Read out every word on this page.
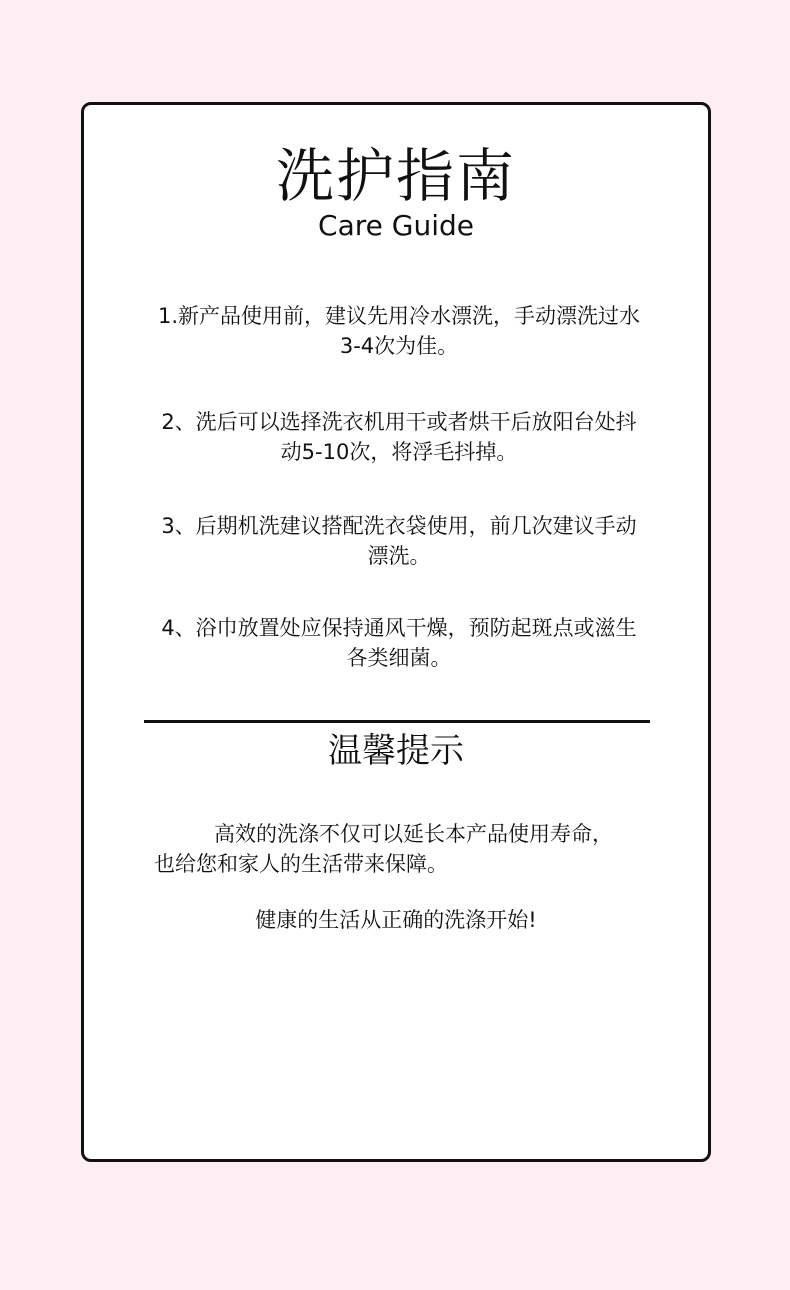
洗护指南
Care Guide

1.新产品使用前，建议先用冷水漂洗，手动漂洗过水3-4次为佳。

2、洗后可以选择洗衣机用干或者烘干后放阳台处抖动5-10次，将浮毛抖掉。

3、后期机洗建议搭配洗衣袋使用，前几次建议手动漂洗。

4、浴巾放置处应保持通风干燥，预防起斑点或滋生各类细菌。

温馨提示

高效的洗涤不仅可以延长本产品使用寿命，也给您和家人的生活带来保障。

健康的生活从正确的洗涤开始!
